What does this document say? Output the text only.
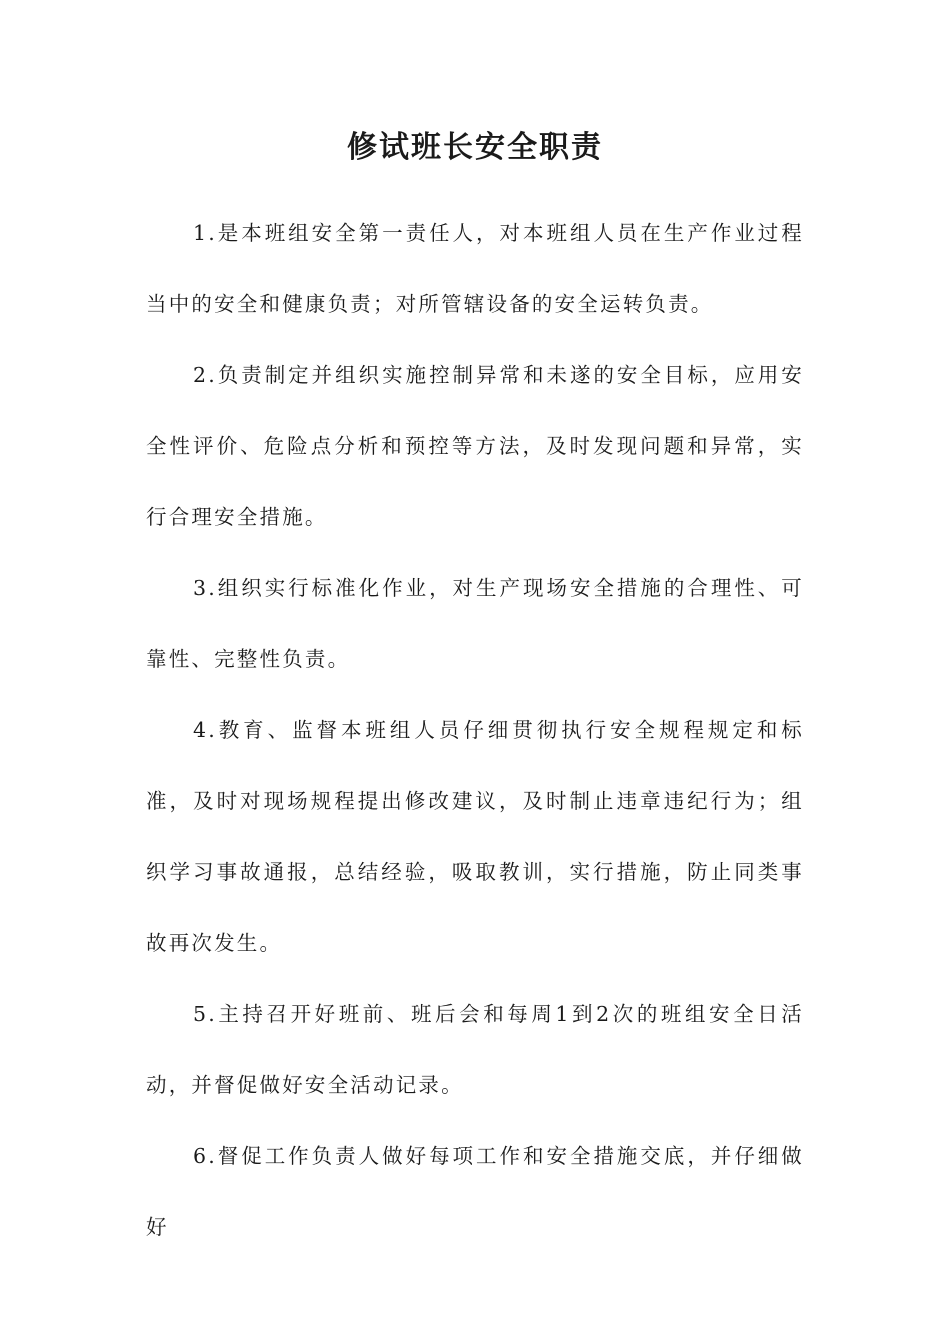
修试班长安全职责

1.是本班组安全第一责任人，对本班组人员在生产作业过程当中的安全和健康负责；对所管辖设备的安全运转负责。

2.负责制定并组织实施控制异常和未遂的安全目标，应用安全性评价、危险点分析和预控等方法，及时发现问题和异常，实行合理安全措施。

3.组织实行标准化作业，对生产现场安全措施的合理性、可靠性、完整性负责。

4.教育、监督本班组人员仔细贯彻执行安全规程规定和标准，及时对现场规程提出修改建议，及时制止违章违纪行为；组织学习事故通报，总结经验，吸取教训，实行措施，防止同类事故再次发生。

5.主持召开好班前、班后会和每周1到2次的班组安全日活动，并督促做好安全活动记录。

6.督促工作负责人做好每项工作和安全措施交底，并仔细做好
